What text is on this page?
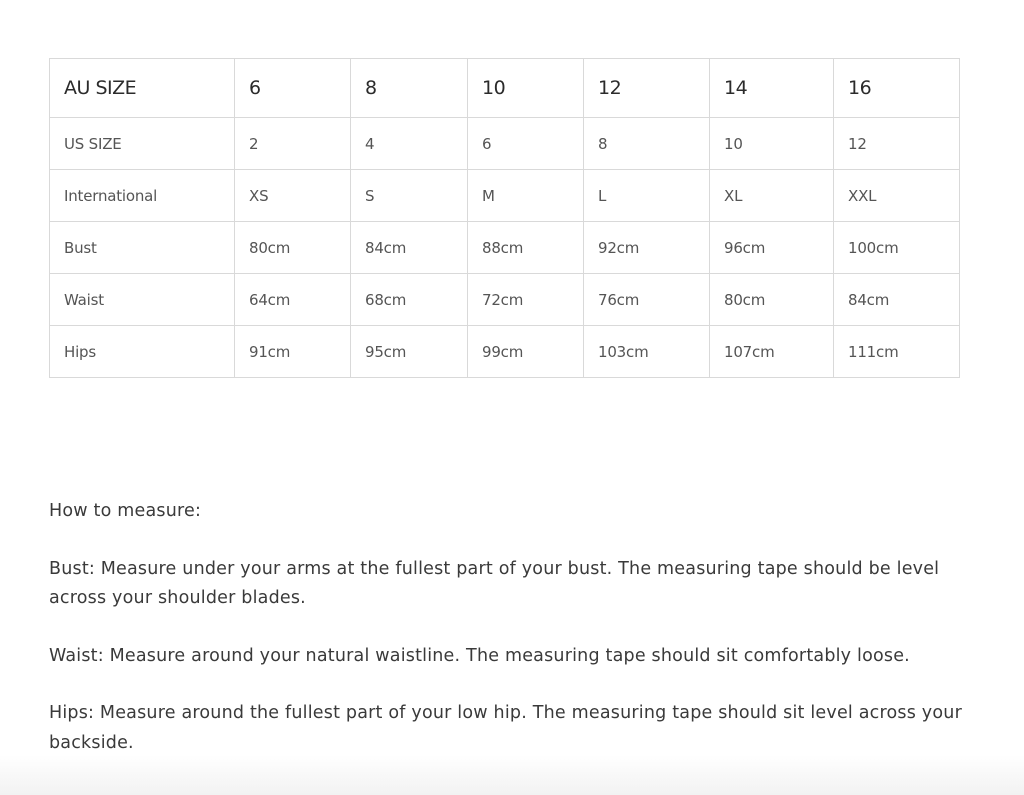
AU SIZE	6	8	10	12	14	16
US SIZE	2	4	6	8	10	12
International	XS	S	M	L	XL	XXL
Bust	80cm	84cm	88cm	92cm	96cm	100cm
Waist	64cm	68cm	72cm	76cm	80cm	84cm
Hips	91cm	95cm	99cm	103cm	107cm	111cm

How to measure:

Bust: Measure under your arms at the fullest part of your bust. The measuring tape should be level across your shoulder blades.

Waist: Measure around your natural waistline. The measuring tape should sit comfortably loose.

Hips: Measure around the fullest part of your low hip. The measuring tape should sit level across your backside.
